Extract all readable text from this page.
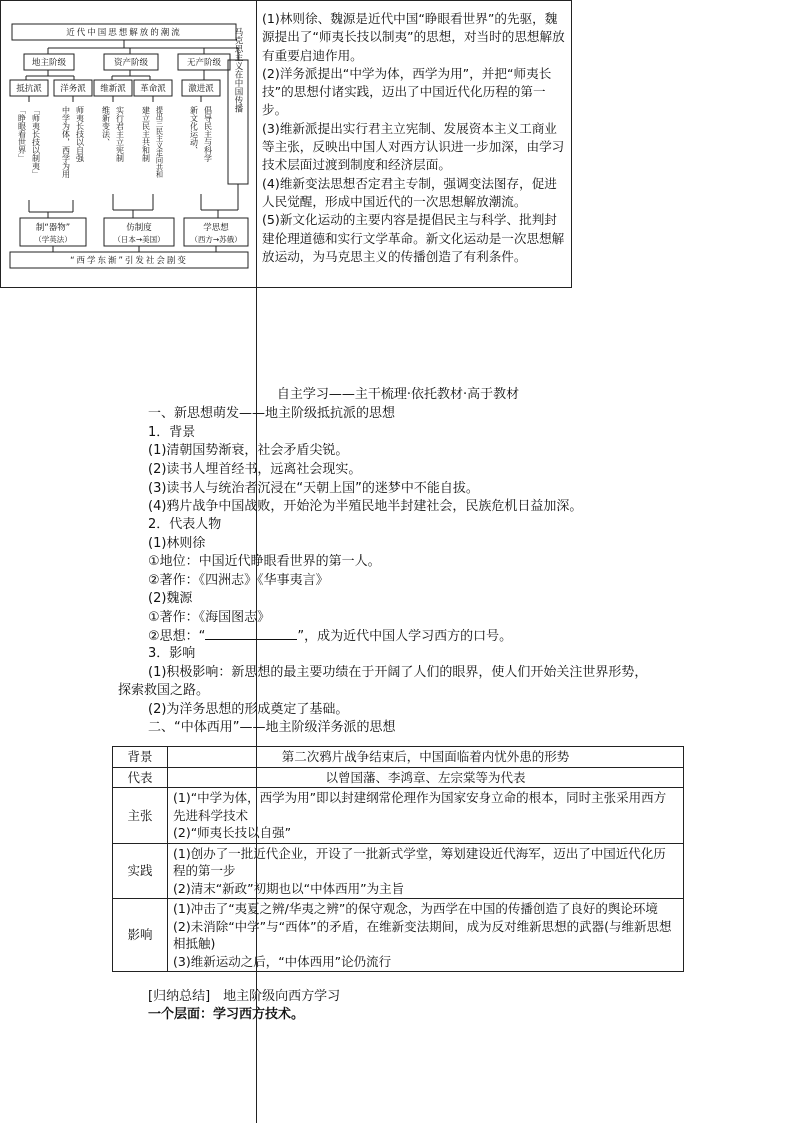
近代中国思想解放的潮流
地主阶级	资产阶级	无产阶级
抵抗派 洋务派 维新派 革命派	激进派 马克思主义在中国传播
「睁眼看世界」 「师夷长技以制夷」	中学为体，西学为用 师夷长技以自强 维新变法、 实行君主立宪制 建立民主共和制 提出三民主义走向共和	新文化运动、 倡导民主与科学
制“器物”
（学英法）
仿制度
（日本→美国）
学思想
（西方→苏俄）
“西学东渐”引发社会剧变

(1)林则徐、魏源是近代中国“睁眼看世界”的先驱，魏源提出了“师夷长技以制夷”的思想，对当时的思想解放有重要启迪作用。

(2)洋务派提出“中学为体，西学为用”，并把“师夷长技”的思想付诸实践，迈出了中国近代化历程的第一步。

(3)维新派提出实行君主立宪制、发展资本主义工商业等主张，反映出中国人对西方认识进一步加深，由学习技术层面过渡到制度和经济层面。

(4)维新变法思想否定君主专制，强调变法图存，促进人民觉醒，形成中国近代的一次思想解放潮流。

(5)新文化运动的主要内容是提倡民主与科学、批判封建伦理道德和实行文学革命。新文化运动是一次思想解放运动，为马克思主义的传播创造了有利条件。

自主学习——主干梳理·依托教材·高于教材
一、新思想萌发——地主阶级抵抗派的思想
1．背景
(1)清朝国势渐衰，社会矛盾尖锐。
(2)读书人埋首经书，远离社会现实。
(3)读书人与统治者沉浸在“天朝上国”的迷梦中不能自拔。
(4)鸦片战争中国战败，开始沦为半殖民地半封建社会，民族危机日益加深。
2．代表人物
(1)林则徐
①地位：中国近代睁眼看世界的第一人。
②著作：《四洲志》《华事夷言》
(2)魏源
①著作：《海国图志》
②思想：“	”，成为近代中国人学习西方的口号。
3．影响
(1)积极影响：新思想的最主要功绩在于开阔了人们的眼界，使人们开始关注世界形势，
探索救国之路。
(2)为洋务思想的形成奠定了基础。
二、“中体西用”——地主阶级洋务派的思想
背景	第二次鸦片战争结束后，中国面临着内忧外患的形势
代表	以曾国藩、李鸿章、左宗棠等为代表
主张	(1)“中学为体，西学为用”即以封建纲常伦理作为国家安身立命的根本，同时主张采用西方先进科学技术
(2)“师夷长技以自强”

实践	(1)创办了一批近代企业，开设了一批新式学堂，筹划建设近代海军，迈出了中国近代化历程的第一步
(2)清末“新政”初期也以“中体西用”为主旨

影响	(1)冲击了“夷夏之辨/华夷之辨”的保守观念，为西学在中国的传播创造了良好的舆论环境
(2)未消除“中学”与“西体”的矛盾，在维新变法期间，成为反对维新思想的武器(与维新思想相抵触)
(3)维新运动之后，“中体西用”论仍流行
[归纳总结]　地主阶级向西方学习
一个层面：学习西方技术。
